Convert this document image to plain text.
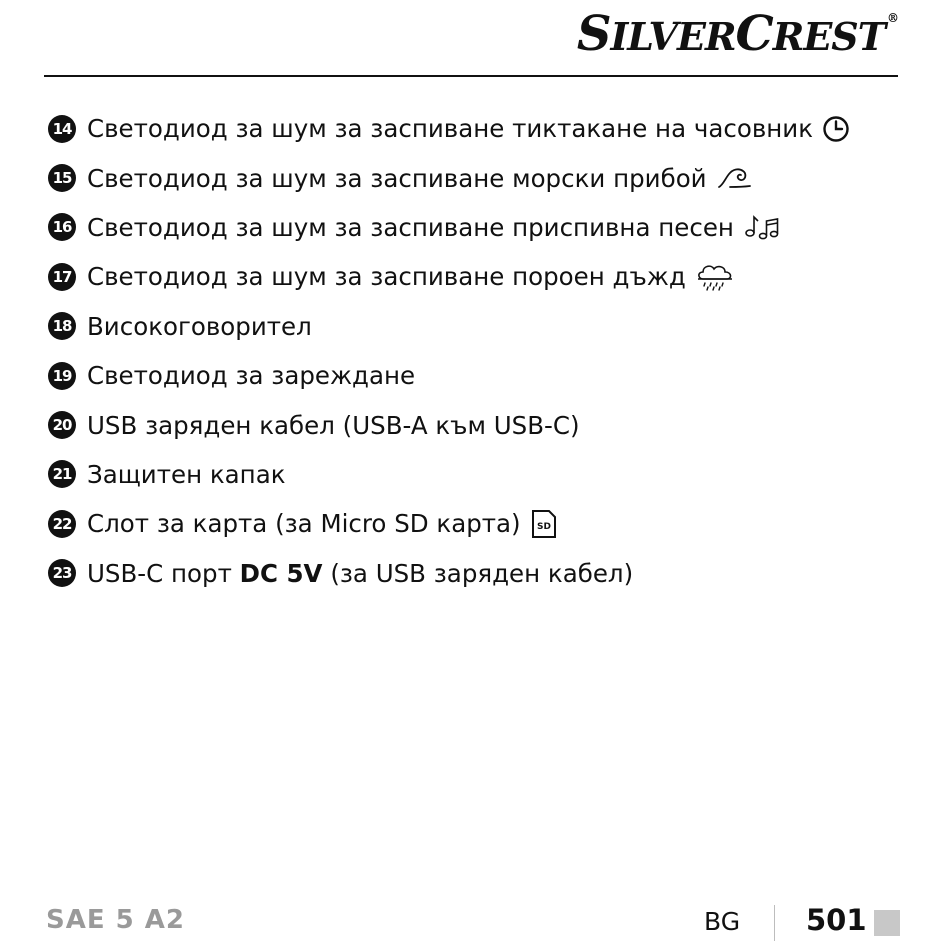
SILVERCREST ®
14 Светодиод за шум за заспиване тиктакане на часовник
15 Светодиод за шум за заспиване морски прибой
16 Светодиод за шум за заспиване приспивна песен
17 Светодиод за шум за заспиване пороен дъжд
18 Високоговорител
19 Светодиод за зареждане
20 USB заряден кабел (USB-A към USB-C)
21 Защитен капак
22 Слот за карта (за Micro SD карта) SD
23 USB-C порт DC 5V (за USB заряден кабел)
SAE 5 A2	BG 501
